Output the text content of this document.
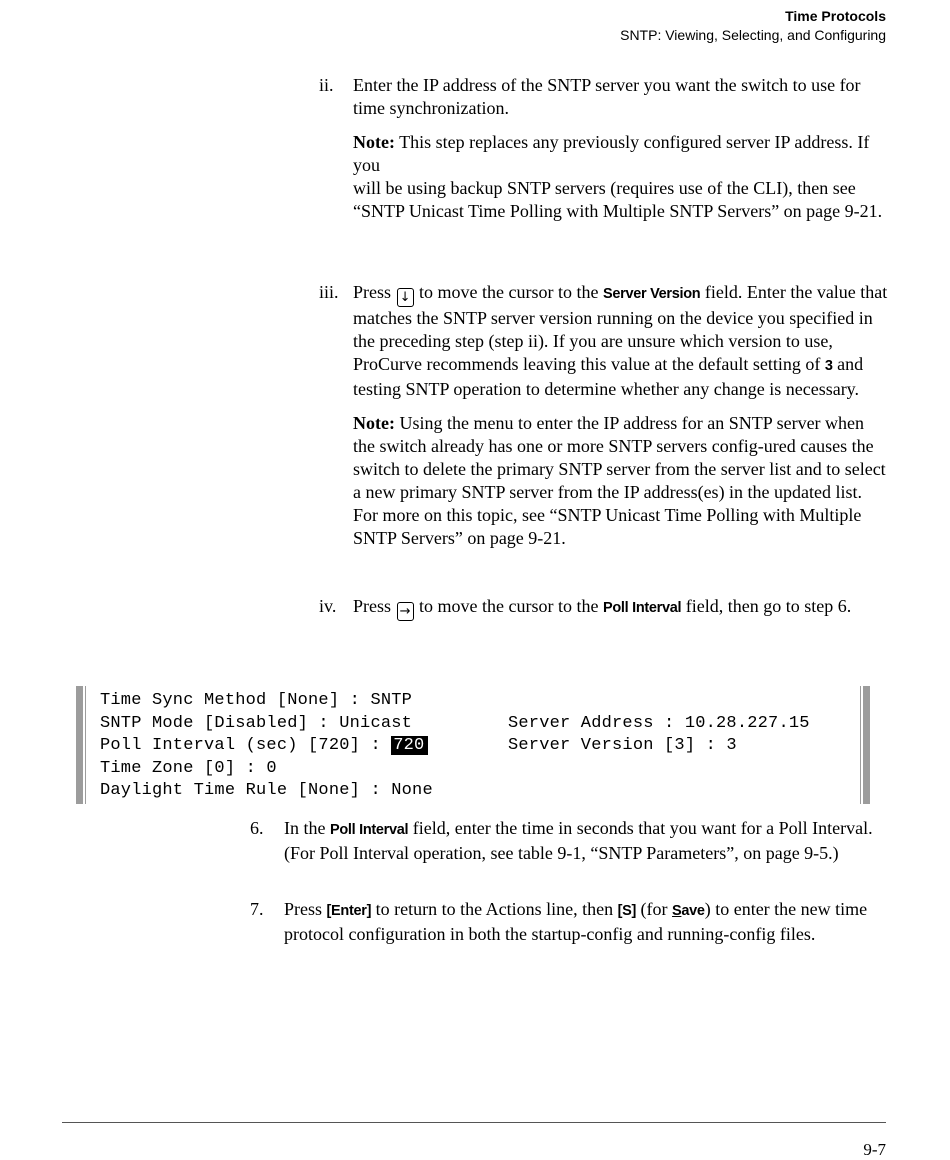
Time Protocols
SNTP: Viewing, Selecting, and Configuring
ii. Enter the IP address of the SNTP server you want the switch to use for time synchronization.

Note: This step replaces any previously configured server IP address. If you
will be using backup SNTP servers (requires use of the CLI), then see
“SNTP Unicast Time Polling with Multiple SNTP Servers” on page 9-21.

iii. Press ↓ to move the cursor to the Server Version field. Enter the value that matches the SNTP server version running on the device you specified in the preceding step (step ii). If you are unsure which version to use, ProCurve recommends leaving this value at the default setting of 3 and testing SNTP operation to determine whether any change is necessary.

Note: Using the menu to enter the IP address for an SNTP server when the switch already has one or more SNTP servers config-ured causes the switch to delete the primary SNTP server from the server list and to select a new primary SNTP server from the IP address(es) in the updated list. For more on this topic, see “SNTP Unicast Time Polling with Multiple SNTP Servers” on page 9-21.

iv. Press → to move the cursor to the Poll Interval field, then go to step 6.

Time Sync Method [None] : SNTP
SNTP Mode [Disabled] : Unicast	Server Address : 10.28.227.15
Poll Interval (sec) [720] : 720	Server Version [3] : 3
Time Zone [0] : 0
Daylight Time Rule [None] : None
6. In the Poll Interval field, enter the time in seconds that you want for a Poll Interval. (For Poll Interval operation, see table 9-1, “SNTP Parameters”, on page 9-5.)

7. Press [Enter] to return to the Actions line, then [S] (for Save) to enter the new time protocol configuration in both the startup-config and running-config files.

9-7
